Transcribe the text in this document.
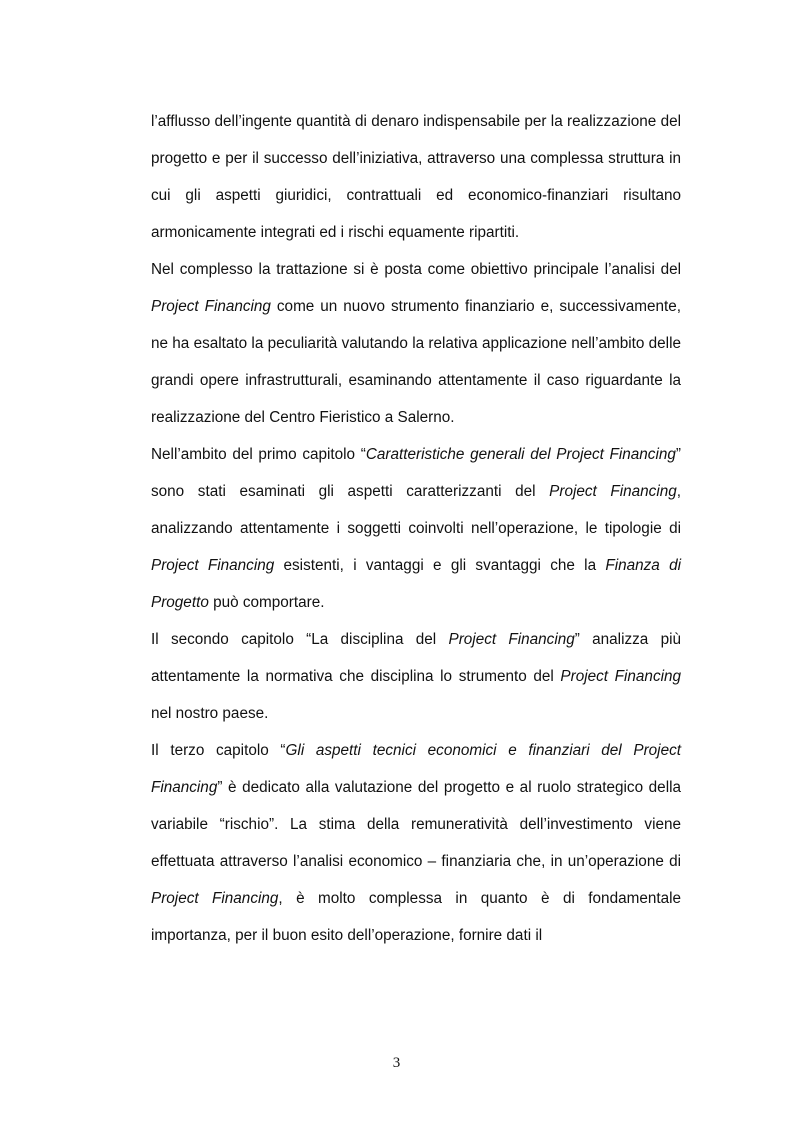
l’afflusso dell’ingente quantità di denaro indispensabile per la realizzazione del progetto e per il successo dell’iniziativa, attraverso una complessa struttura in cui gli aspetti giuridici, contrattuali ed economico-finanziari risultano armonicamente integrati ed i rischi equamente ripartiti.

Nel complesso la trattazione si è posta come obiettivo principale l’analisi del Project Financing come un nuovo strumento finanziario e, successivamente, ne ha esaltato la peculiarità valutando la relativa applicazione nell’ambito delle grandi opere infrastrutturali, esaminando attentamente il caso riguardante la realizzazione del Centro Fieristico a Salerno.

Nell’ambito del primo capitolo “Caratteristiche generali del Project Financing” sono stati esaminati gli aspetti caratterizzanti del Project Financing, analizzando attentamente i soggetti coinvolti nell’operazione, le tipologie di Project Financing esistenti, i vantaggi e gli svantaggi che la Finanza di Progetto può comportare.

Il secondo capitolo “La disciplina del Project Financing” analizza più attentamente la normativa che disciplina lo strumento del Project Financing nel nostro paese.

Il terzo capitolo “Gli aspetti tecnici economici e finanziari del Project Financing” è dedicato alla valutazione del progetto e al ruolo strategico della variabile “rischio”. La stima della remuneratività dell’investimento viene effettuata attraverso l’analisi economico – finanziaria che, in un’operazione di Project Financing, è molto complessa in quanto è di fondamentale importanza, per il buon esito dell’operazione, fornire dati il

3
